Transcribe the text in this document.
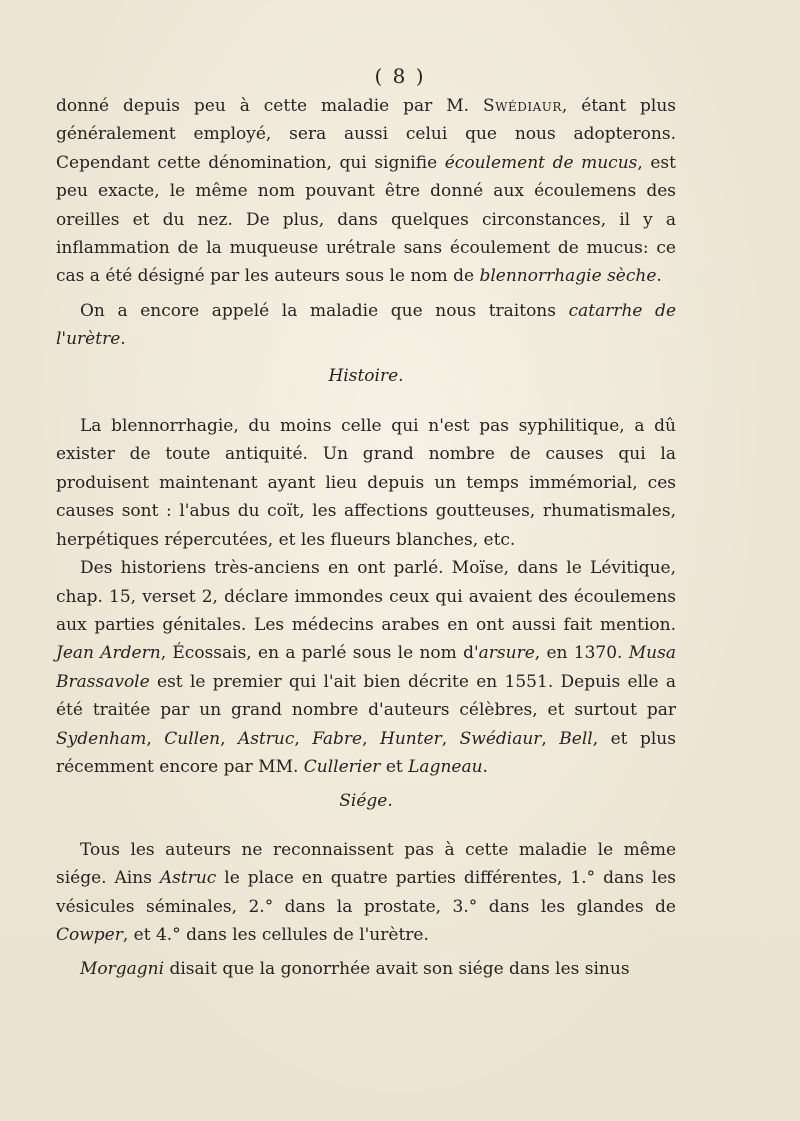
( 8 )

donné depuis peu à cette maladie par M. Swédiaur, étant plus généralement employé, sera aussi celui que nous adopterons. Cependant cette dénomination, qui signifie écoulement de mucus, est peu exacte, le même nom pouvant être donné aux écoulemens des oreilles et du nez. De plus, dans quelques circonstances, il y a inflammation de la muqueuse urétrale sans écoulement de mucus: ce cas a été désigné par les auteurs sous le nom de blennorrhagie sèche.

On a encore appelé la maladie que nous traitons catarrhe de l'urètre.

Histoire.

La blennorrhagie, du moins celle qui n'est pas syphilitique, a dû exister de toute antiquité. Un grand nombre de causes qui la produisent maintenant ayant lieu depuis un temps immémorial, ces causes sont : l'abus du coït, les affections goutteuses, rhumatismales, herpétiques répercutées, et les flueurs blanches, etc.

Des historiens très-anciens en ont parlé. Moïse, dans le Lévitique, chap. 15, verset 2, déclare immondes ceux qui avaient des écoulemens aux parties génitales. Les médecins arabes en ont aussi fait mention. Jean Ardern, Écossais, en a parlé sous le nom d'arsure, en 1370. Musa Brassavole est le premier qui l'ait bien décrite en 1551. Depuis elle a été traitée par un grand nombre d'auteurs célèbres, et surtout par Sydenham, Cullen, Astruc, Fabre, Hunter, Swédiaur, Bell, et plus récemment encore par MM. Cullerier et Lagneau.

Siége.

Tous les auteurs ne reconnaissent pas à cette maladie le même siége. Ains Astruc le place en quatre parties différentes, 1.° dans les vésicules séminales, 2.° dans la prostate, 3.° dans les glandes de Cowper, et 4.° dans les cellules de l'urètre.

Morgagni disait que la gonorrhée avait son siége dans les sinus
